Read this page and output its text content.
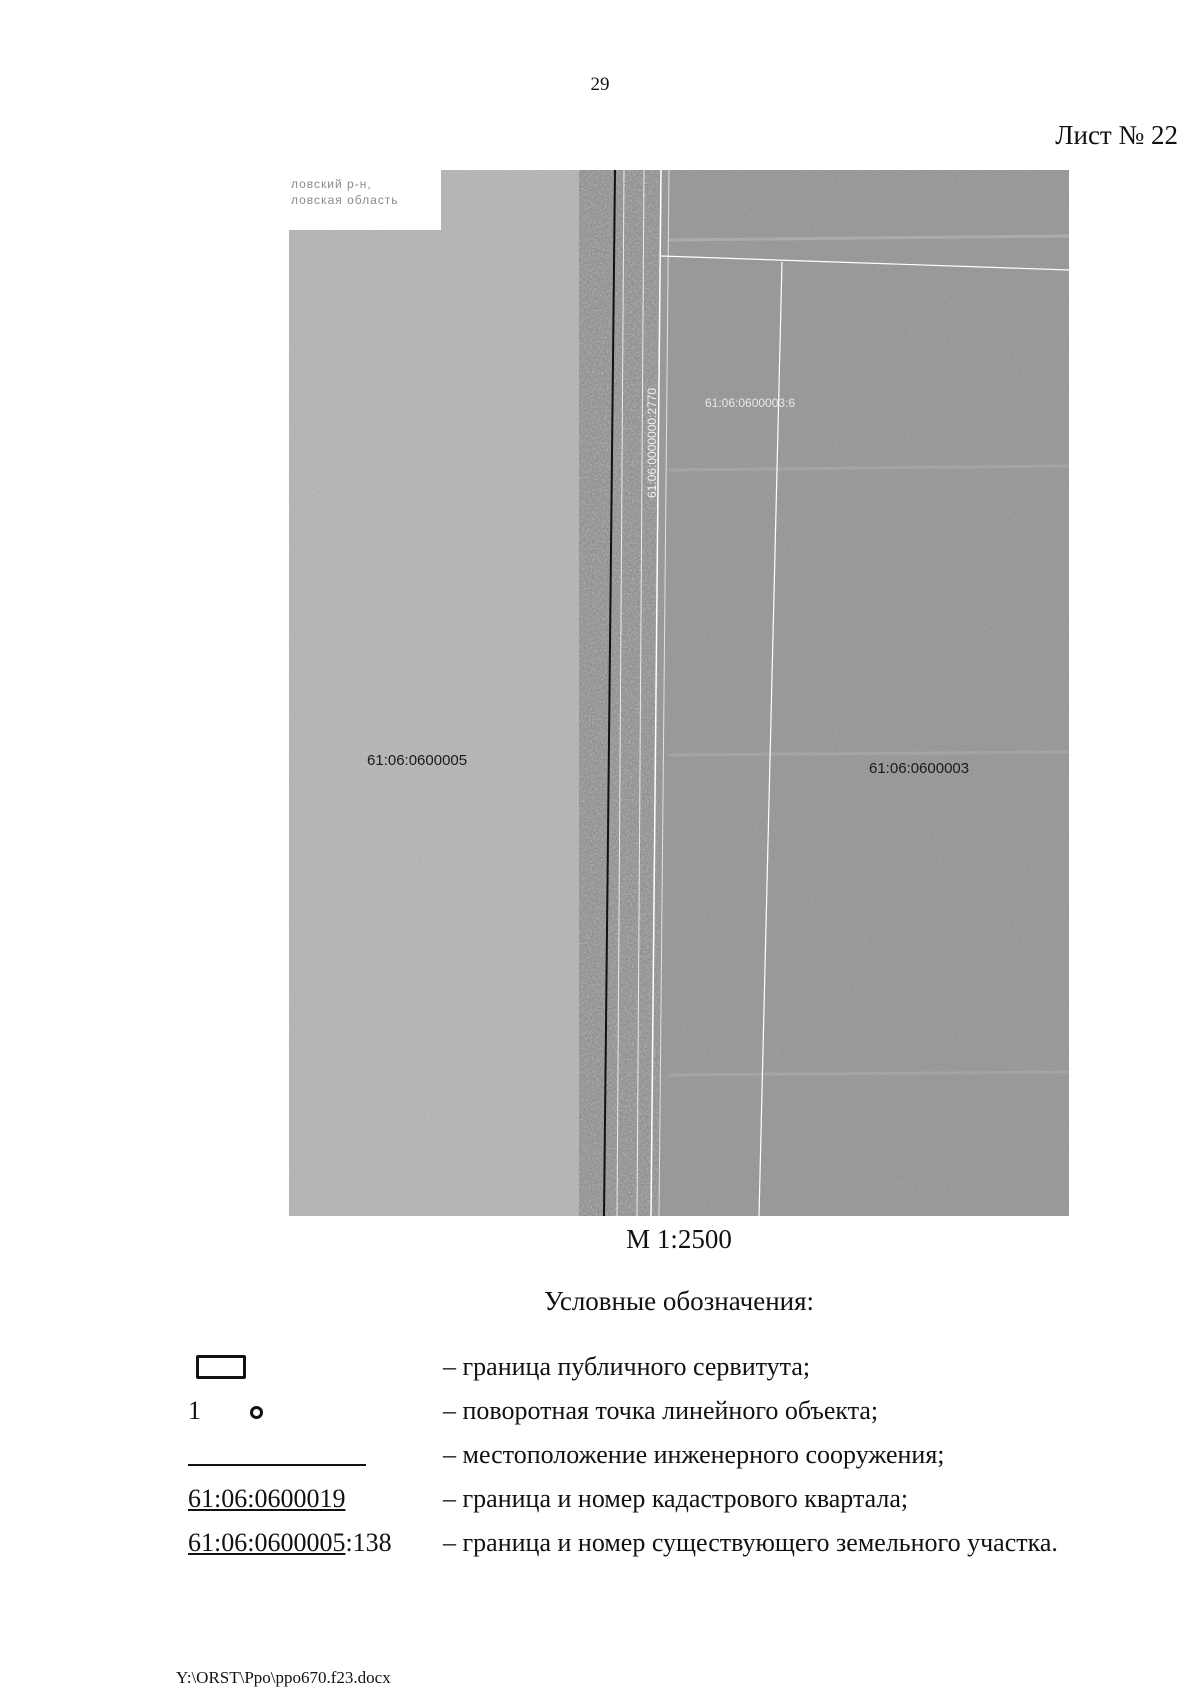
29
Лист № 22
ловский р-н,
ловская область
61:06:0600005	61:06:0600003
61:06:0600003:6
61:06:0000000:2770
М 1:2500
Условные обозначения:
– граница публичного сервитута;
1	– поворотная точка линейного объекта;
– местоположение инженерного сооружения;
61:06:0600019	– граница и номер кадастрового квартала;
61:06:0600005:138 – граница и номер существующего земельного участка.
Y:\ORST\Ppo\ppo670.f23.docx
